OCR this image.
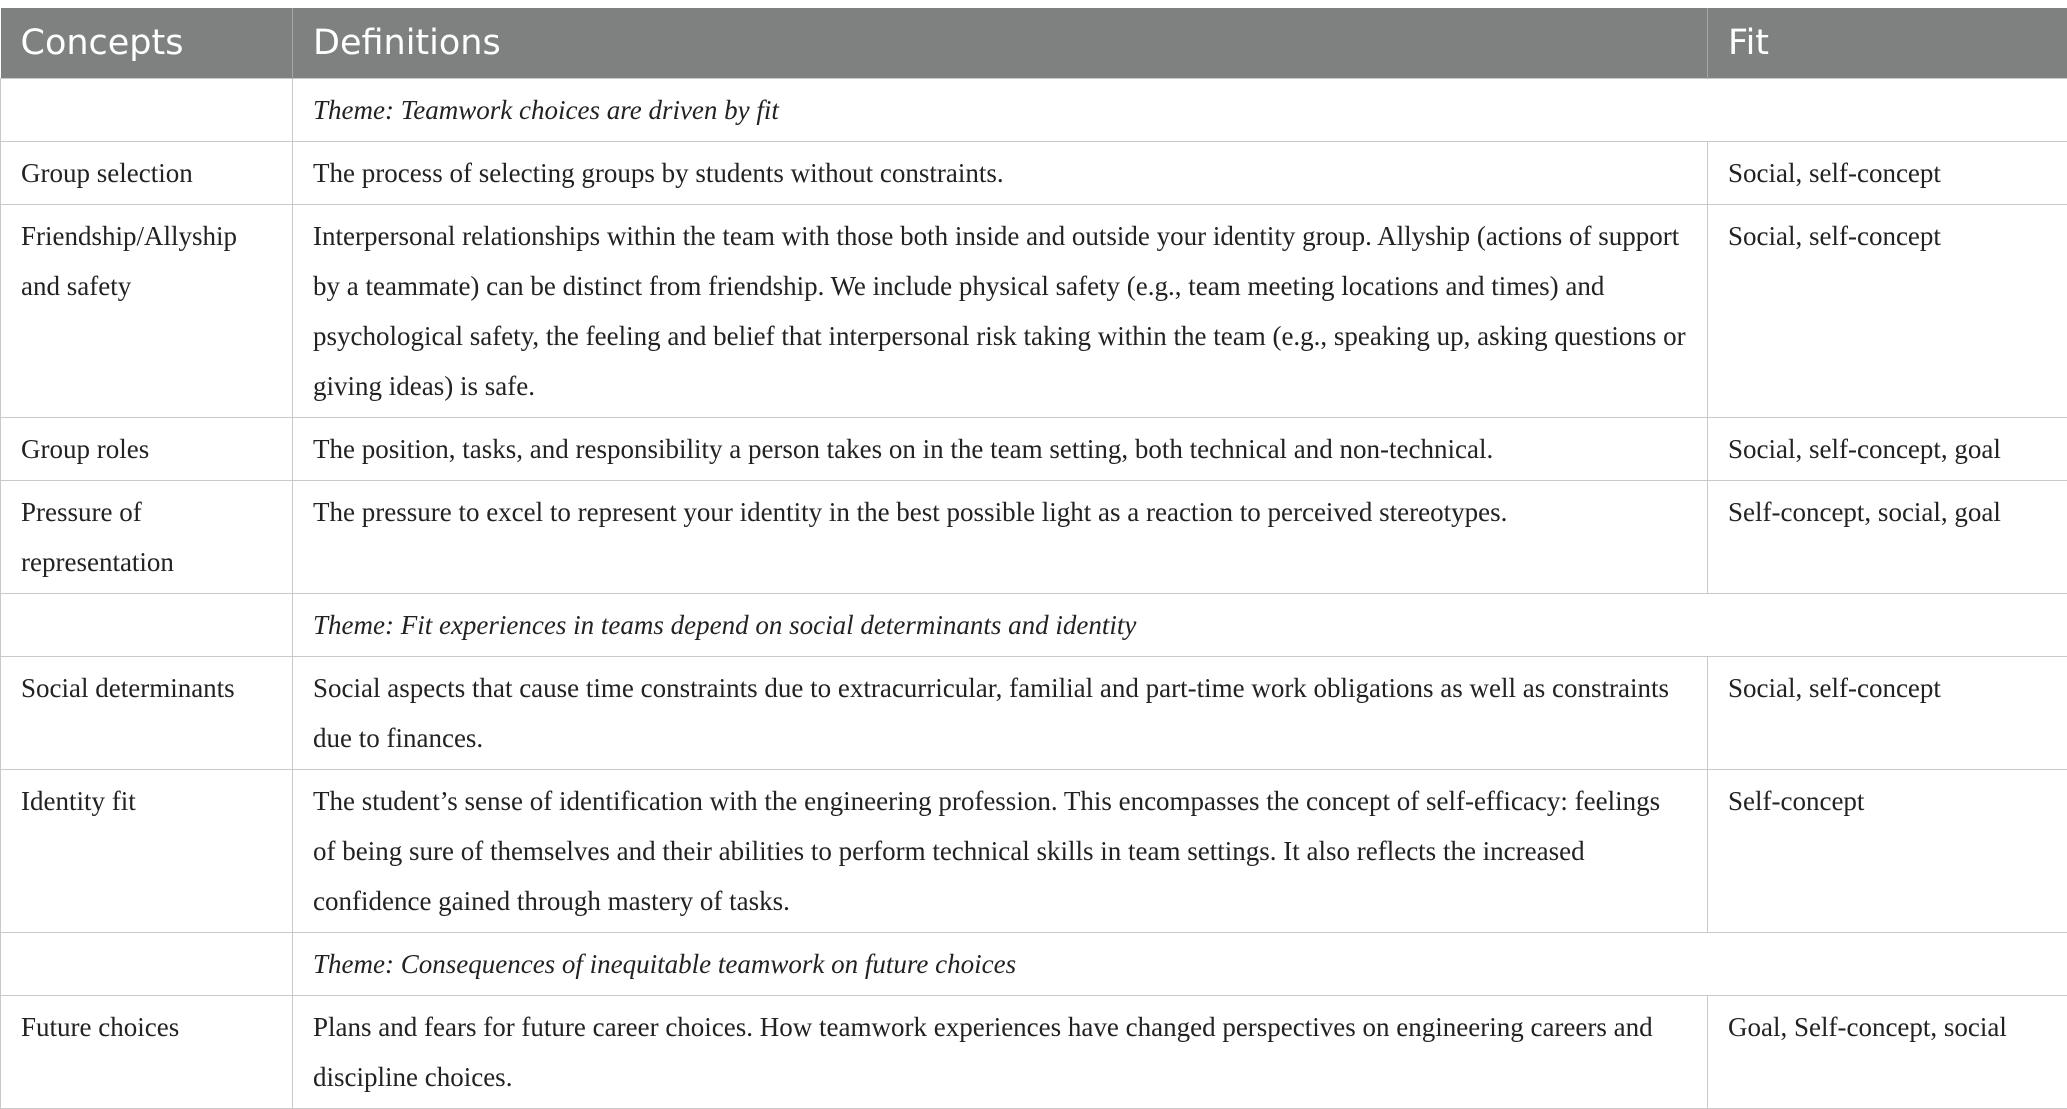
Concepts	Definitions	Fit
	Theme: Teamwork choices are driven by fit	
Group selection	The process of selecting groups by students without constraints.	Social, self-concept
Friendship/Allyship and safety	Interpersonal relationships within the team with those both inside and outside your identity group. Allyship (actions of support by a teammate) can be distinct from friendship. We include physical safety (e.g., team meeting locations and times) and psychological safety, the feeling and belief that interpersonal risk taking within the team (e.g., speaking up, asking questions or giving ideas) is safe.	Social, self-concept
Group roles	The position, tasks, and responsibility a person takes on in the team setting, both technical and non-technical.	Social, self-concept, goal
Pressure of representation	The pressure to excel to represent your identity in the best possible light as a reaction to perceived stereotypes.	Self-concept, social, goal
	Theme: Fit experiences in teams depend on social determinants and identity	
Social determinants	Social aspects that cause time constraints due to extracurricular, familial and part-time work obligations as well as constraints due to finances.	Social, self-concept
Identity fit	The student’s sense of identification with the engineering profession. This encompasses the concept of self-efficacy: feelings of being sure of themselves and their abilities to perform technical skills in team settings. It also reflects the increased confidence gained through mastery of tasks.	Self-concept
	Theme: Consequences of inequitable teamwork on future choices	
Future choices	Plans and fears for future career choices. How teamwork experiences have changed perspectives on engineering careers and discipline choices.	Goal, Self-concept, social
